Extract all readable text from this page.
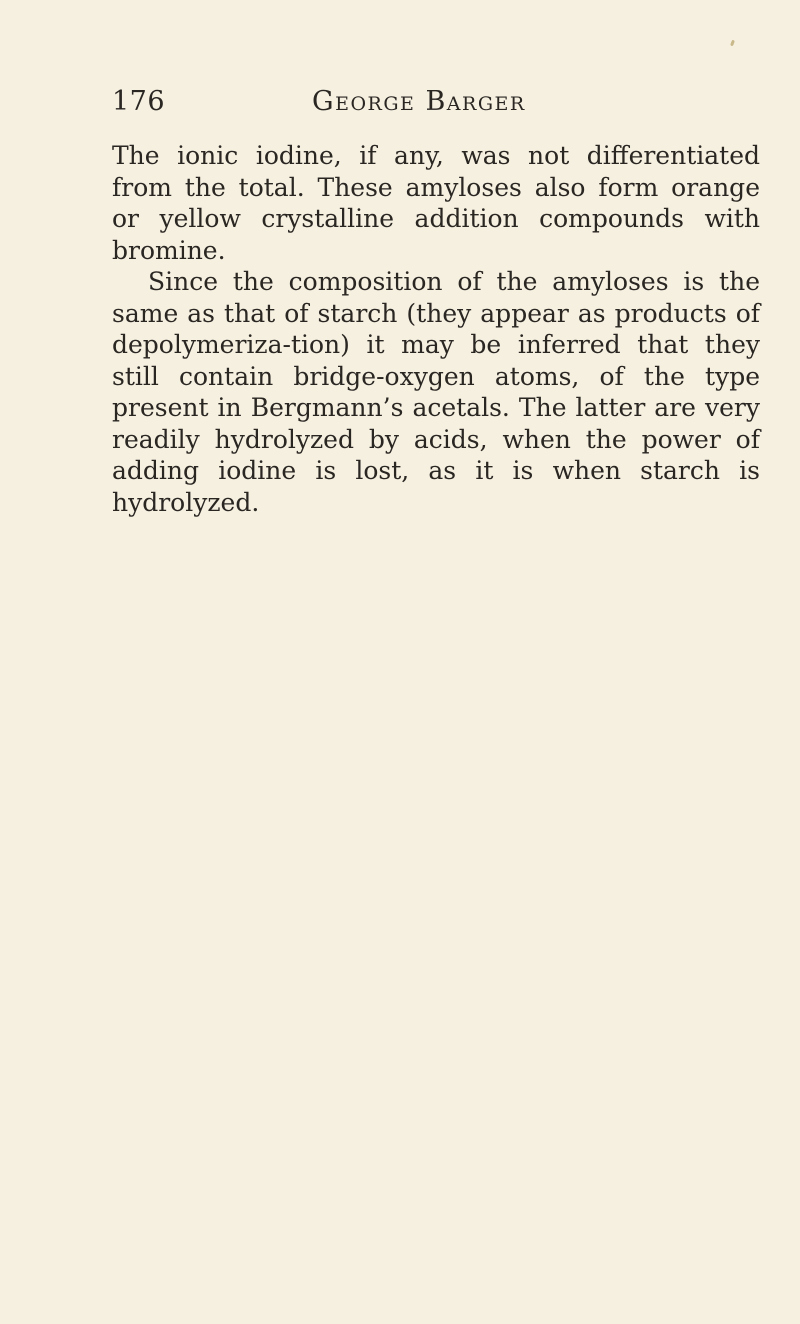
176	George Barger

The ionic iodine, if any, was not differentiated from the total. These amyloses also form orange or yellow crystalline addition compounds with bromine.

Since the composition of the amyloses is the same as that of starch (they appear as products of depolymeriza-tion) it may be inferred that they still contain bridge-oxygen atoms, of the type present in Bergmann’s acetals. The latter are very readily hydrolyzed by acids, when the power of adding iodine is lost, as it is when starch is hydrolyzed.
